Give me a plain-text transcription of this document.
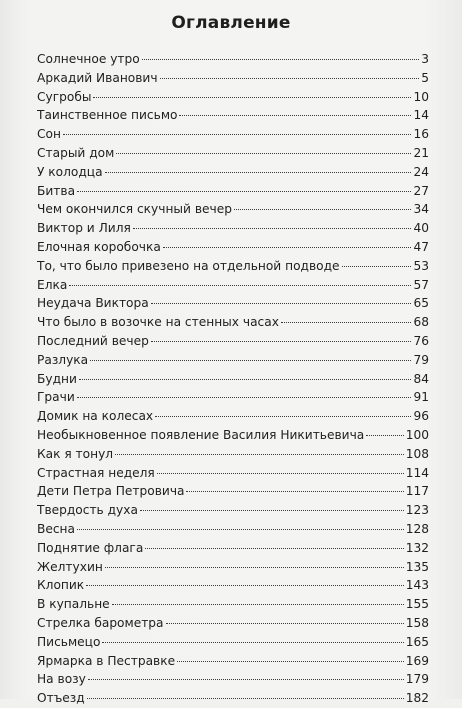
Оглавление
Солнечное утро	3
Аркадий Иванович	5
Сугробы	10
Таинственное письмо	14
Сон	16
Старый дом	21
У колодца	24
Битва	27
Чем окончился скучный вечер	34
Виктор и Лиля	40
Елочная коробочка	47
То, что было привезено на отдельной подводе	53
Елка	57
Неудача Виктора	65
Что было в возочке на стенных часах	68
Последний вечер	76
Разлука	79
Будни	84
Грачи	91
Домик на колесах	96
Необыкновенное появление Василия Никитьевича	100
Как я тонул	108
Страстная неделя	114
Дети Петра Петровича	117
Твердость духа	123
Весна	128
Поднятие флага	132
Желтухин	135
Клопик	143
В купальне	155
Стрелка барометра	158
Письмецо	165
Ярмарка в Пестравке	169
На возу	179
Отъезд	182
